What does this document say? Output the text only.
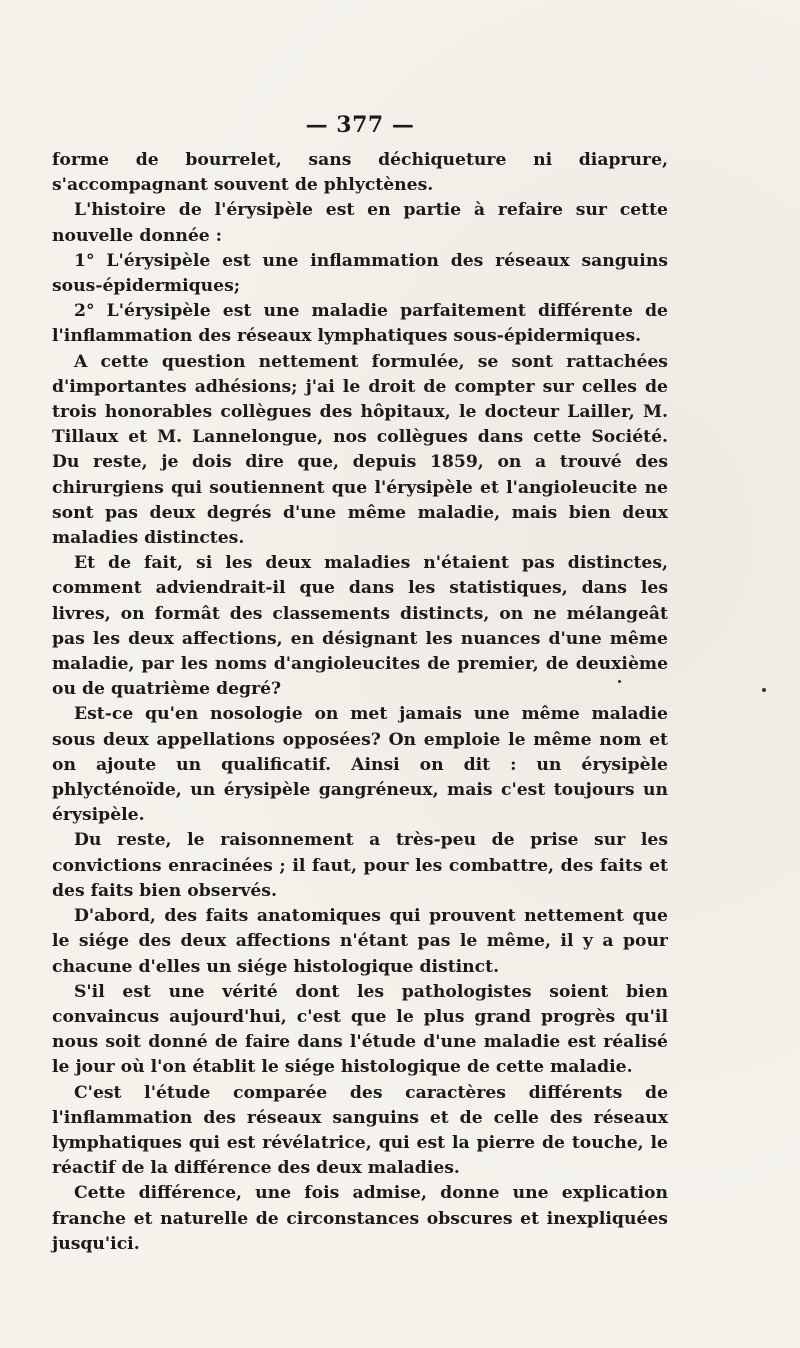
— 377 —

forme de bourrelet, sans déchiqueture ni diaprure, s'accompagnant souvent de phlyctènes.

L'histoire de l'érysipèle est en partie à refaire sur cette nouvelle donnée :

1° L'érysipèle est une inflammation des réseaux sanguins sous-épidermiques;

2° L'érysipèle est une maladie parfaitement différente de l'inflammation des réseaux lymphatiques sous-épidermiques.

A cette question nettement formulée, se sont rattachées d'importantes adhésions; j'ai le droit de compter sur celles de trois honorables collègues des hôpitaux, le docteur Lailler, M. Tillaux et M. Lannelongue, nos collègues dans cette Société. Du reste, je dois dire que, depuis 1859, on a trouvé des chirurgiens qui soutiennent que l'érysipèle et l'angioleucite ne sont pas deux degrés d'une même maladie, mais bien deux maladies distinctes.

Et de fait, si les deux maladies n'étaient pas distinctes, comment adviendrait-il que dans les statistiques, dans les livres, on formât des classements distincts, on ne mélangeât pas les deux affections, en désignant les nuances d'une même maladie, par les noms d'angioleucites de premier, de deuxième ou de quatrième degré?

Est-ce qu'en nosologie on met jamais une même maladie sous deux appellations opposées? On emploie le même nom et on ajoute un qualificatif. Ainsi on dit : un érysipèle phlycténoïde, un érysipèle gangréneux, mais c'est toujours un érysipèle.

Du reste, le raisonnement a très-peu de prise sur les convictions enracinées ; il faut, pour les combattre, des faits et des faits bien observés.

D'abord, des faits anatomiques qui prouvent nettement que le siége des deux affections n'étant pas le même, il y a pour chacune d'elles un siége histologique distinct.

S'il est une vérité dont les pathologistes soient bien convaincus aujourd'hui, c'est que le plus grand progrès qu'il nous soit donné de faire dans l'étude d'une maladie est réalisé le jour où l'on établit le siége histologique de cette maladie.

C'est l'étude comparée des caractères différents de l'inflammation des réseaux sanguins et de celle des réseaux lymphatiques qui est révélatrice, qui est la pierre de touche, le réactif de la différence des deux maladies.

Cette différence, une fois admise, donne une explication franche et naturelle de circonstances obscures et inexpliquées jusqu'ici.
